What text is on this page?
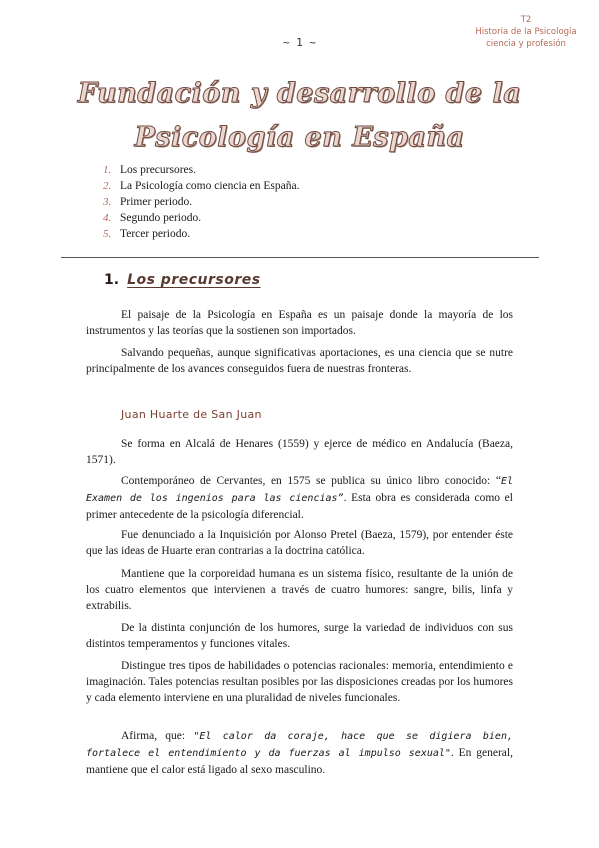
~ 1 ~
T2
Historia de la Psicología
ciencia y profesión
Fundación y desarrollo de la
Psicología en España
1. Los precursores.
2. La Psicología como ciencia en España.
3. Primer periodo.
4. Segundo periodo.
5. Tercer periodo.
1. Los precursores

El paisaje de la Psicología en España es un paisaje donde la mayoría de los instrumentos y las teorías que la sostienen son importados.

Salvando pequeñas, aunque significativas aportaciones, es una ciencia que se nutre principalmente de los avances conseguidos fuera de nuestras fronteras.

Juan Huarte de San Juan

Se forma en Alcalá de Henares (1559) y ejerce de médico en Andalucía (Baeza, 1571).

Contemporáneo de Cervantes, en 1575 se publica su único libro conocido: “El Examen de los ingenios para las ciencias”. Esta obra es considerada como el primer antecedente de la psicología diferencial.

Fue denunciado a la Inquisición por Alonso Pretel (Baeza, 1579), por entender éste que las ideas de Huarte eran contrarias a la doctrina católica.

Mantiene que la corporeidad humana es un sistema físico, resultante de la unión de los cuatro elementos que intervienen a través de cuatro humores: sangre, bilis, linfa y extrabilis.

De la distinta conjunción de los humores, surge la variedad de individuos con sus distintos temperamentos y funciones vitales.

Distingue tres tipos de habilidades o potencias racionales: memoria, entendimiento e imaginación. Tales potencias resultan posibles por las disposiciones creadas por los humores y cada elemento interviene en una pluralidad de niveles funcionales.

Afirma, que: "El calor da coraje, hace que se digiera bien, fortalece el entendimiento y da fuerzas al impulso sexual". En general, mantiene que el calor está ligado al sexo masculino.
